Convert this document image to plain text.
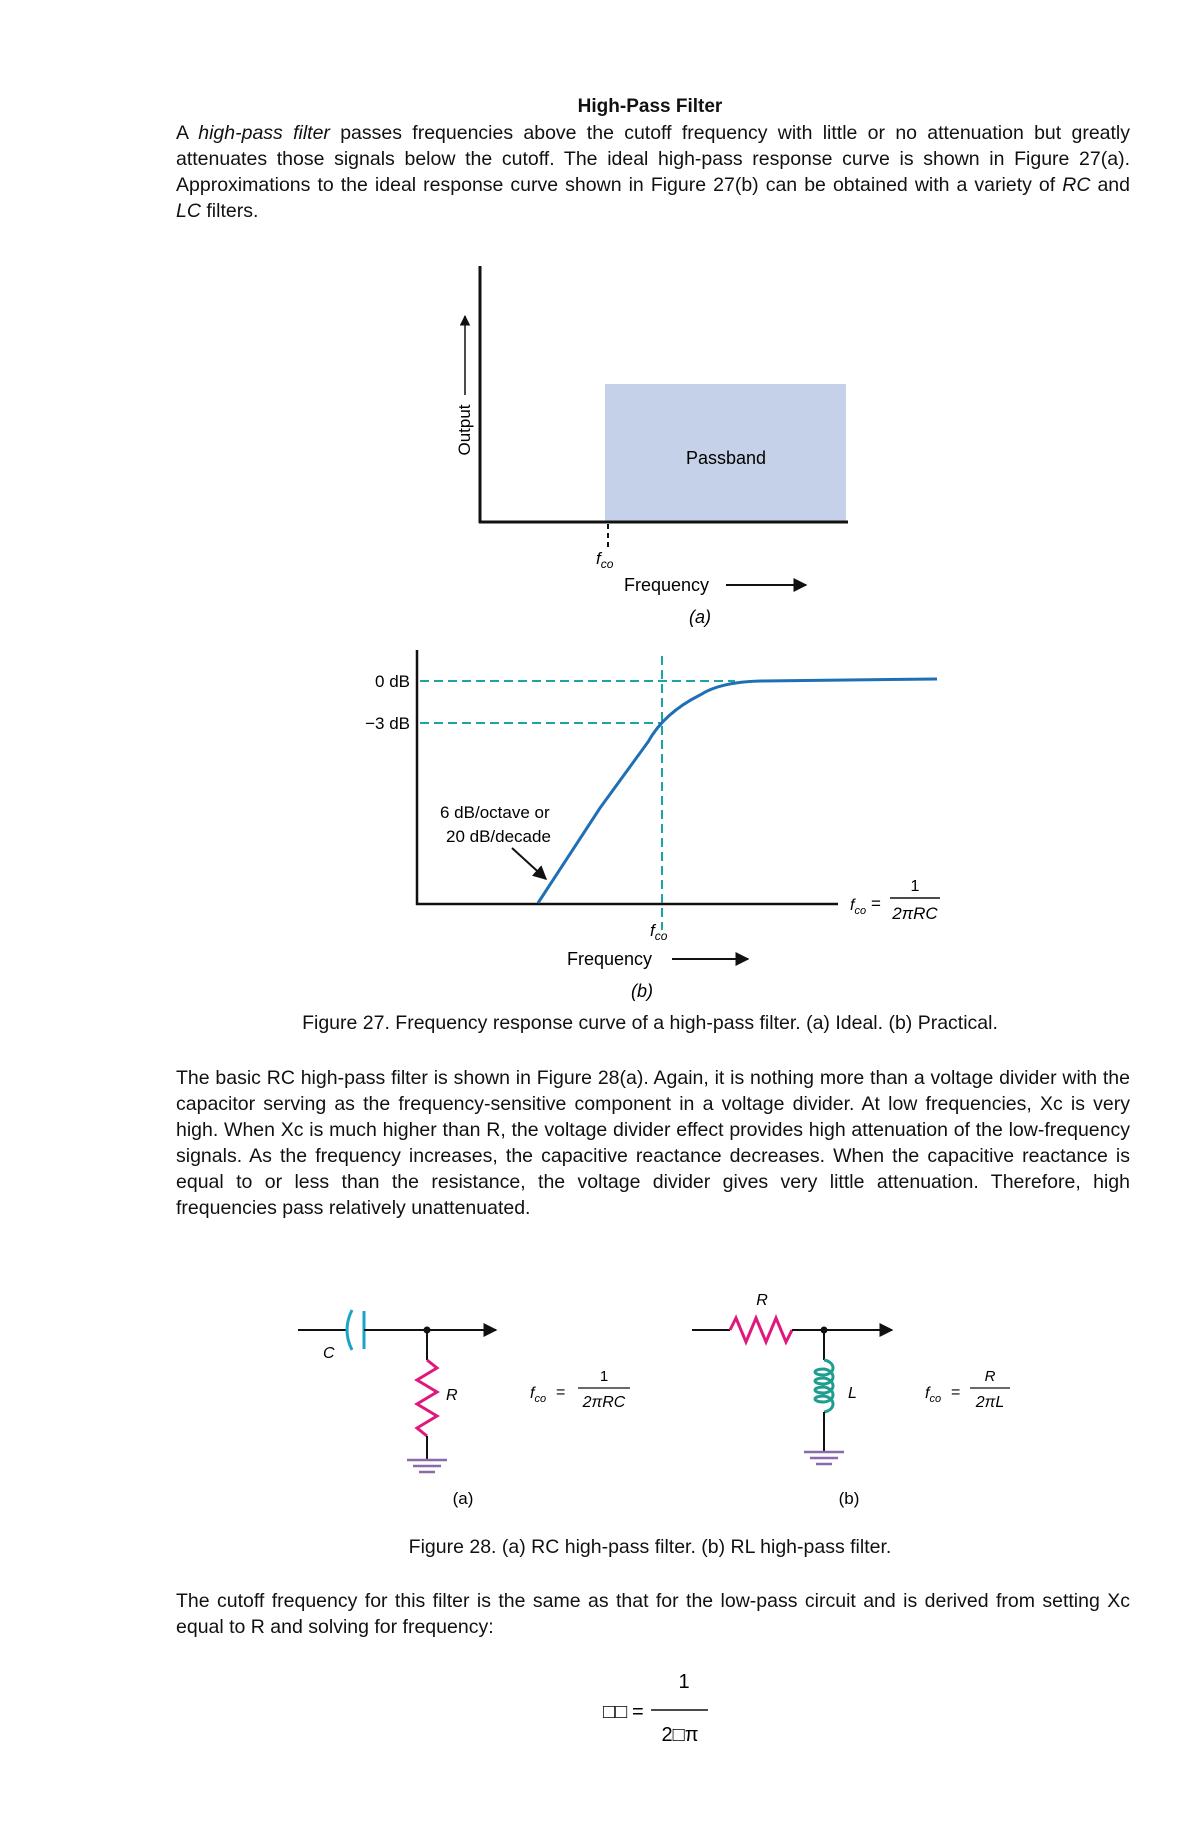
High-Pass Filter
A high-pass filter passes frequencies above the cutoff frequency with little or no attenuation but greatly attenuates those signals below the cutoff. The ideal high-pass response curve is shown in Figure 27(a). Approximations to the ideal response curve shown in Figure 27(b) can be obtained with a variety of RC and LC filters.
Passband
Output
$f_{co}$
Frequency
(a)
0 dB
−3 dB
6 dB/octave or
20 dB/decade
$f_{co}$
Frequency
(b)
$f_{co}$ =
1
2πRC
C
R	$f_{co}$ =
1
2πRC
(a)
R
L	$f_{co}$ =
R
2πL
(b)
□□ =
1
2□π
Figure 27. Frequency response curve of a high-pass filter. (a) Ideal. (b) Practical.
The basic RC high-pass filter is shown in Figure 28(a). Again, it is nothing more than a voltage divider with the capacitor serving as the frequency-sensitive component in a voltage divider. At low frequencies, Xc is very high. When Xc is much higher than R, the voltage divider effect provides high attenuation of the low-frequency signals. As the frequency increases, the capacitive reactance decreases. When the capacitive reactance is equal to or less than the resistance, the voltage divider gives very little attenuation. Therefore, high frequencies pass relatively unattenuated.
Figure 28. (a) RC high-pass filter. (b) RL high-pass filter.
The cutoff frequency for this filter is the same as that for the low-pass circuit and is derived from setting Xc equal to R and solving for frequency:
